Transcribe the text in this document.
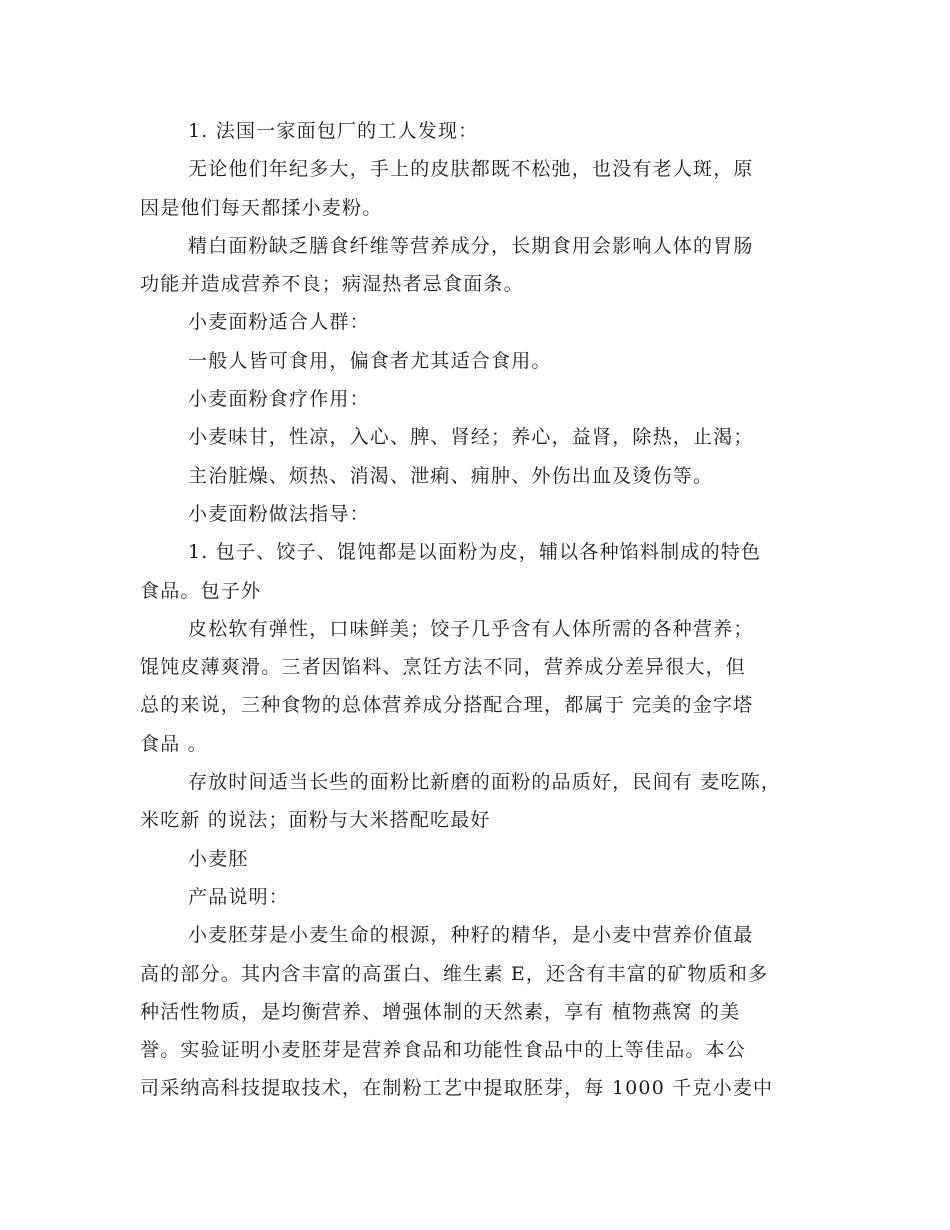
1. 法国一家面包厂的工人发现：
无论他们年纪多大，手上的皮肤都既不松弛，也没有老人斑，原
因是他们每天都揉小麦粉。
精白面粉缺乏膳食纤维等营养成分，长期食用会影响人体的胃肠
功能并造成营养不良；病湿热者忌食面条。
小麦面粉适合人群：
一般人皆可食用，偏食者尤其适合食用。
小麦面粉食疗作用：
小麦味甘，性凉，入心、脾、肾经；养心，益肾，除热，止渴；
主治脏燥、烦热、消渴、泄痢、痈肿、外伤出血及烫伤等。
小麦面粉做法指导：
1. 包子、饺子、馄饨都是以面粉为皮，辅以各种馅料制成的特色
食品。包子外
皮松软有弹性，口味鲜美；饺子几乎含有人体所需的各种营养；
馄饨皮薄爽滑。三者因馅料、烹饪方法不同，营养成分差异很大，但
总的来说，三种食物的总体营养成分搭配合理，都属于 完美的金字塔
食品 。
存放时间适当长些的面粉比新磨的面粉的品质好，民间有 麦吃陈，
米吃新 的说法；面粉与大米搭配吃最好
小麦胚
产品说明：
小麦胚芽是小麦生命的根源，种籽的精华，是小麦中营养价值最
高的部分。其内含丰富的高蛋白、维生素 E，还含有丰富的矿物质和多
种活性物质，是均衡营养、增强体制的天然素，享有 植物燕窝 的美
誉。实验证明小麦胚芽是营养食品和功能性食品中的上等佳品。本公
司采纳高科技提取技术，在制粉工艺中提取胚芽，每 1000 千克小麦中
